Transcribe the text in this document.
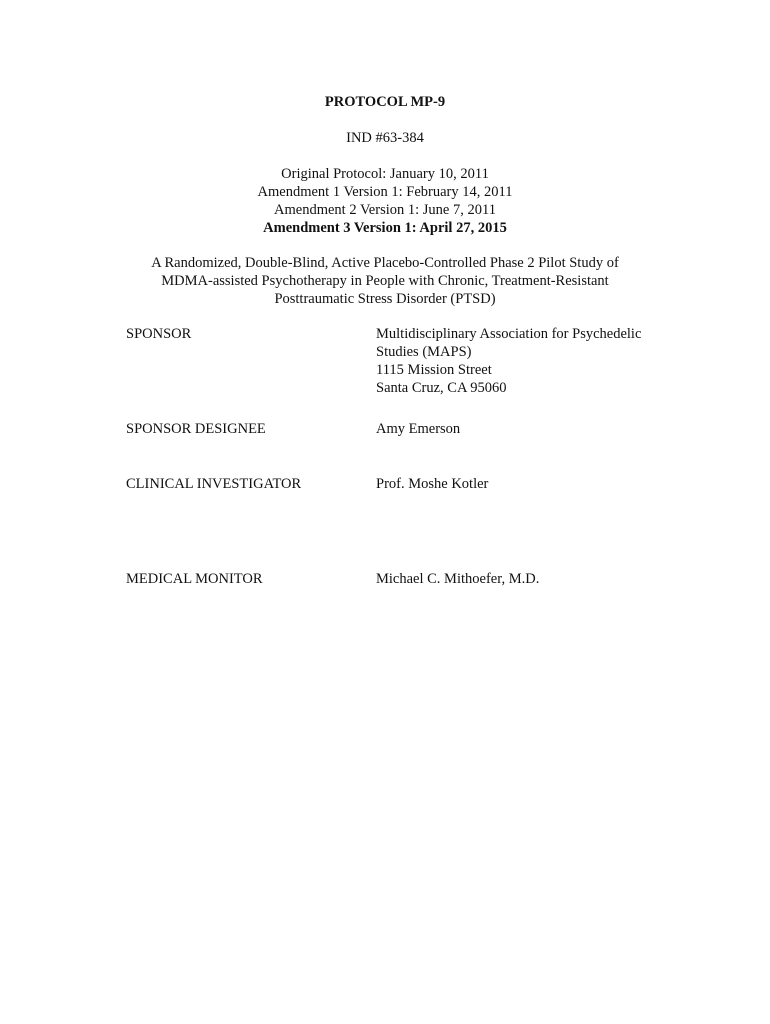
PROTOCOL MP-9
IND #63-384
Original Protocol: January 10, 2011
Amendment 1 Version 1: February 14, 2011
Amendment 2 Version 1: June 7, 2011
Amendment 3 Version 1: April 27, 2015
A Randomized, Double-Blind, Active Placebo-Controlled Phase 2 Pilot Study of
MDMA-assisted Psychotherapy in People with Chronic, Treatment-Resistant
Posttraumatic Stress Disorder (PTSD)
SPONSOR	Multidisciplinary Association for Psychedelic
Studies (MAPS)
1115 Mission Street
Santa Cruz, CA 95060
SPONSOR DESIGNEE	Amy Emerson
CLINICAL INVESTIGATOR	Prof. Moshe Kotler
MEDICAL MONITOR	Michael C. Mithoefer, M.D.
